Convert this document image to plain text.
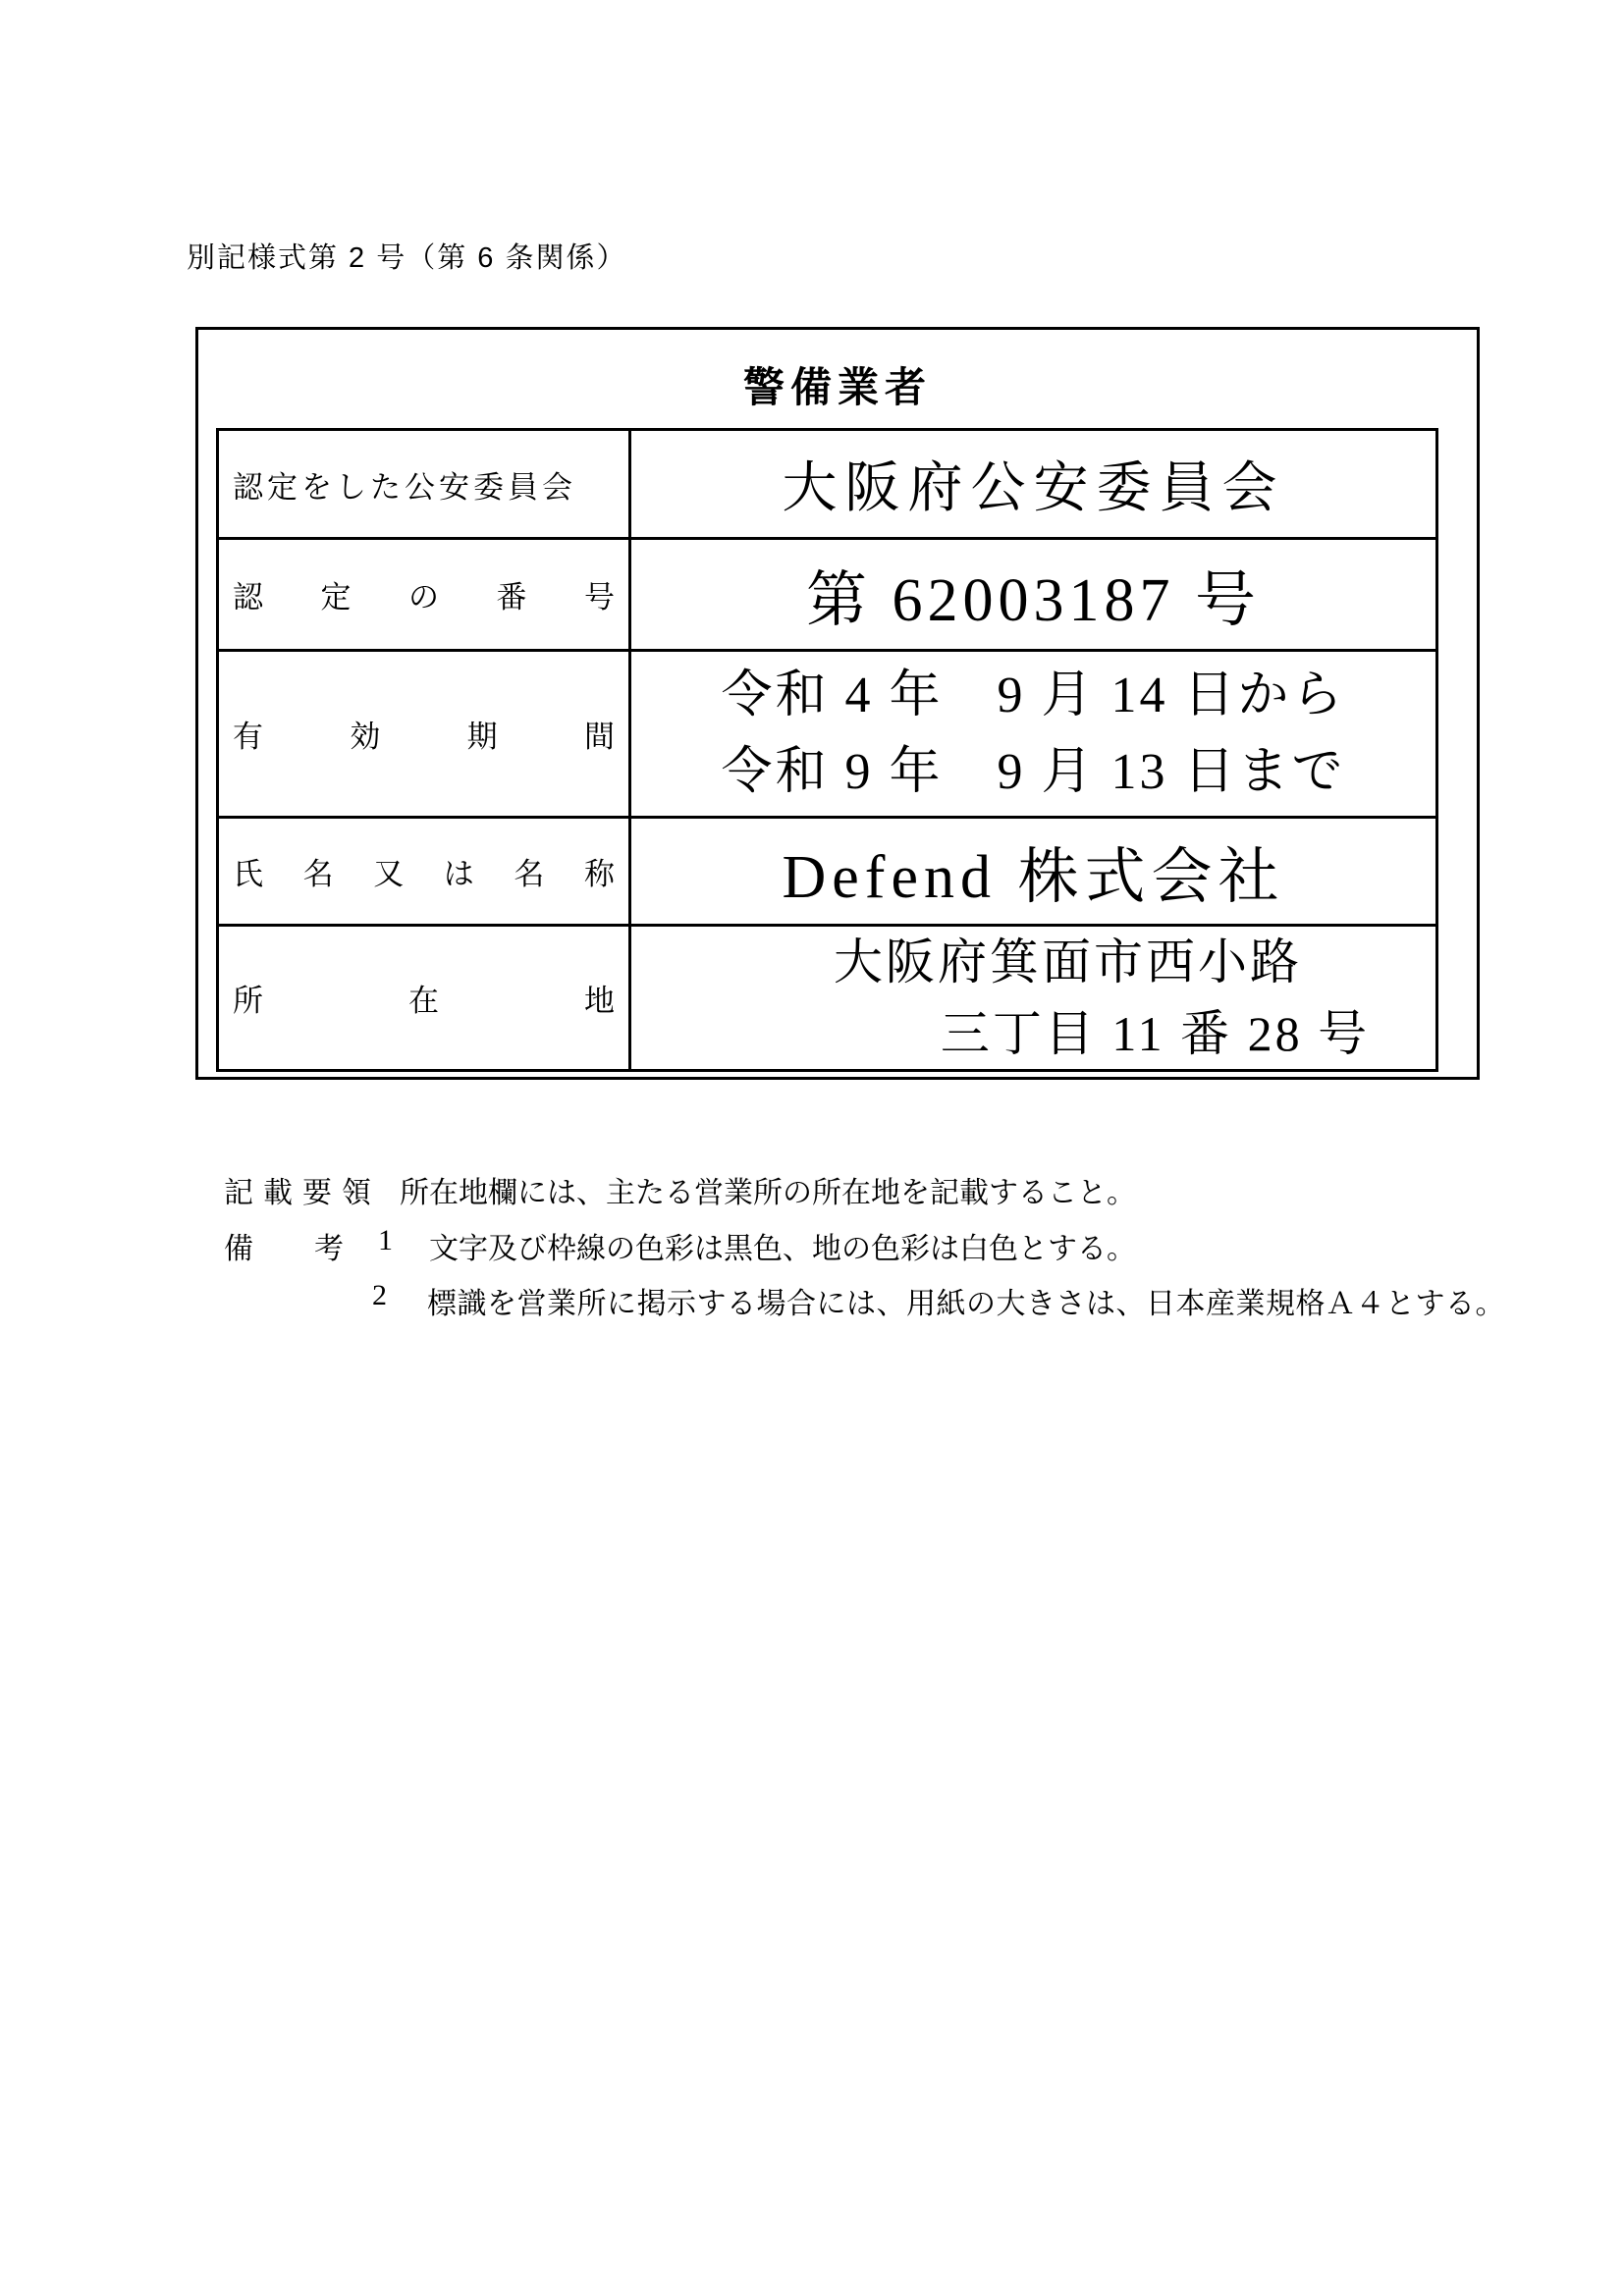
別記様式第 2 号（第 6 条関係）
警備業者
認定をした公安委員会	大阪府公安委員会

認定の番号	第 62003187 号

有効期間	令和 4 年　9 月 14 日から
令和 9 年　9 月 13 日まで

氏名又は名称	Defend 株式会社

所在地	大阪府箕面市西小路
三丁目 11 番 28 号
記載要領 所在地欄には、主たる営業所の所在地を記載すること。
備 考 1 文字及び枠線の色彩は黒色、地の色彩は白色とする。
2 標識を営業所に掲示する場合には、用紙の大きさは、日本産業規格Ａ４とする。
